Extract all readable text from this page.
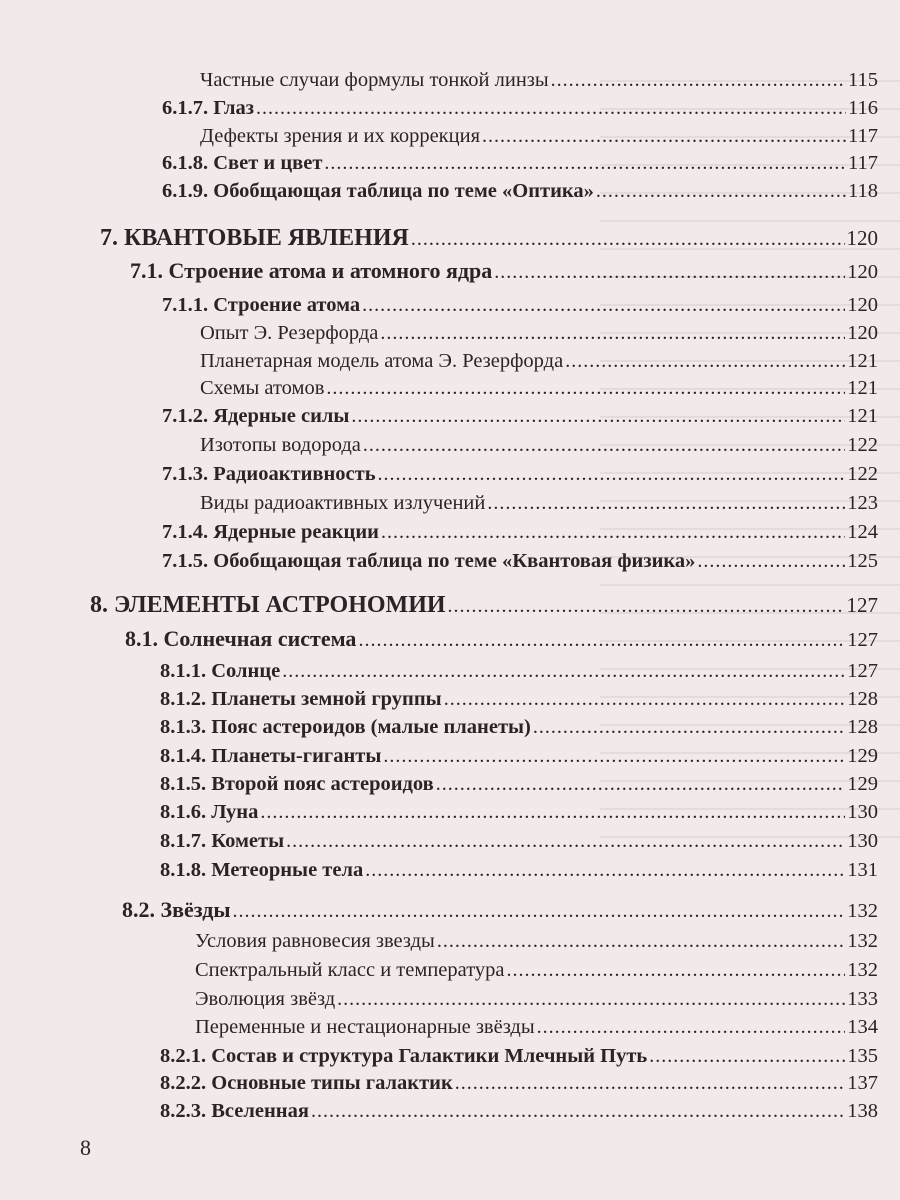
Частные случаи формулы тонкой линзы .....	115
6.1.7. Глаз .....	116
Дефекты зрения и их коррекция .....	117
6.1.8. Свет и цвет .....	117
6.1.9. Обобщающая таблица по теме «Оптика» .....	118
7. КВАНТОВЫЕ ЯВЛЕНИЯ .....	120
7.1. Строение атома и атомного ядра .....	120
7.1.1. Строение атома .....	120
Опыт Э. Резерфорда .....	120
Планетарная модель атома Э. Резерфорда .....	121
Схемы атомов .....	121
7.1.2. Ядерные силы .....	121
Изотопы водорода .....	122
7.1.3. Радиоактивность .....	122
Виды радиоактивных излучений .....	123
7.1.4. Ядерные реакции .....	124
7.1.5. Обобщающая таблица по теме «Квантовая физика» .....	125
8. ЭЛЕМЕНТЫ АСТРОНОМИИ .....	127
8.1. Солнечная система .....	127
8.1.1. Солнце .....	127
8.1.2. Планеты земной группы .....	128
8.1.3. Пояс астероидов (малые планеты) .....	128
8.1.4. Планеты-гиганты .....	129
8.1.5. Второй пояс астероидов .....	129
8.1.6. Луна .....	130
8.1.7. Кометы .....	130
8.1.8. Метеорные тела .....	131
8.2. Звёзды .....	132
Условия равновесия звезды .....	132
Спектральный класс и температура .....	132
Эволюция звёзд .....	133
Переменные и нестационарные звёзды .....	134
8.2.1. Состав и структура Галактики Млечный Путь .....	135
8.2.2. Основные типы галактик .....	137
8.2.3. Вселенная .....	138
8
